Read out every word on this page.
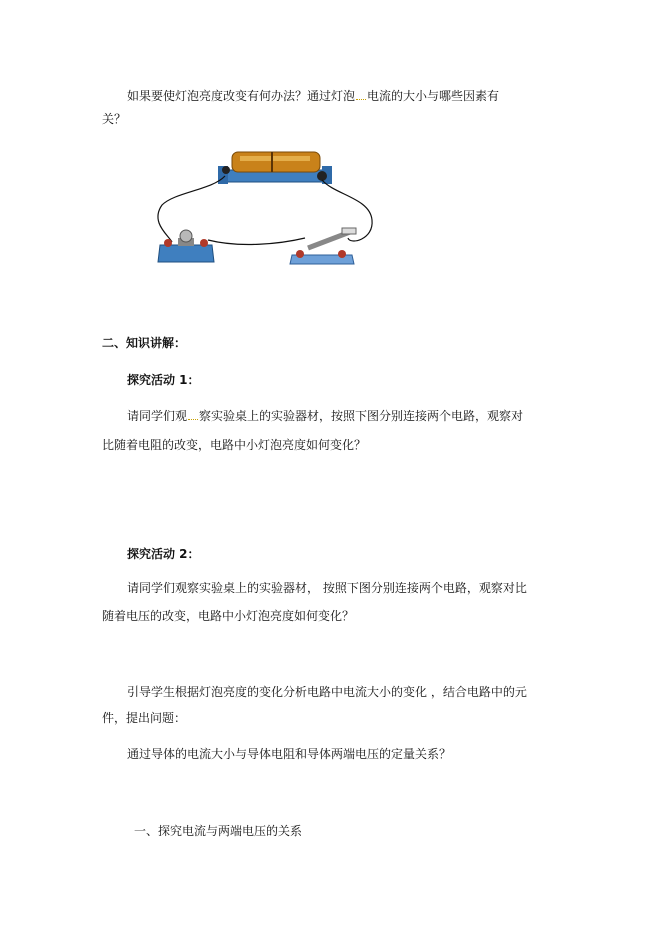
如果要使灯泡亮度改变有何办法？通过灯泡 电流的大小与哪些因素有
关？
二、知识讲解：
探究活动 1：
请同学们观 察实验桌上的实验器材，按照下图分别连接两个电路，观察对
比随着电阻的改变，电路中小灯泡亮度如何变化？
探究活动 2：
请同学们观察实验桌上的实验器材， 按照下图分别连接两个电路，观察对比
随着电压的改变，电路中小灯泡亮度如何变化？
引导学生根据灯泡亮度的变化分析电路中电流大小的变化 ，结合电路中的元
件，提出问题：
通过导体的电流大小与导体电阻和导体两端电压的定量关系？
一、探究电流与两端电压的关系
